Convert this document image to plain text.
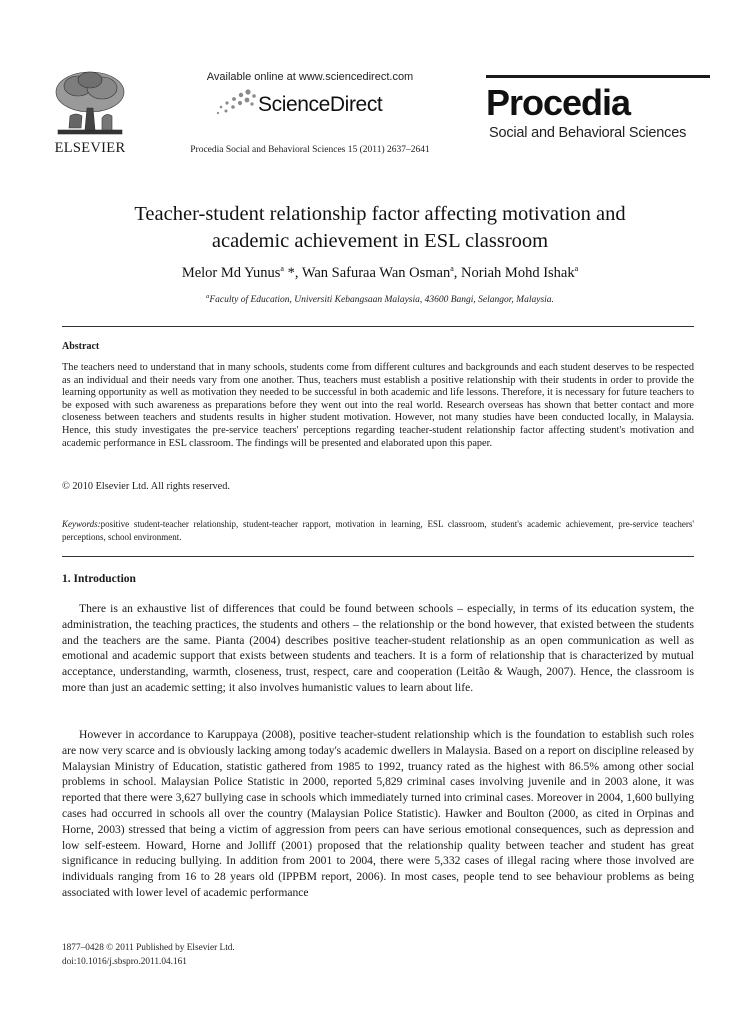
ELSEVIER
Available online at www.sciencedirect.com
ScienceDirect
Procedia Social and Behavioral Sciences 15 (2011) 2637–2641
Procedia
Social and Behavioral Sciences
Teacher-student relationship factor affecting motivation and
academic achievement in ESL classroom
Melor Md Yunus$^a$ *, Wan Safuraa Wan Osman$^a$, Noriah Mohd Ishak$^a$
$^a$Faculty of Education, Universiti Kebangsaan Malaysia, 43600 Bangi, Selangor, Malaysia.
Abstract
The teachers need to understand that in many schools, students come from different cultures and backgrounds and each student deserves to be respected as an individual and their needs vary from one another. Thus, teachers must establish a positive relationship with their students in order to provide the learning opportunity as well as motivation they needed to be successful in both academic and life lessons. Therefore, it is necessary for future teachers to be exposed with such awareness as preparations before they went out into the real world. Research overseas has shown that better contact and more closeness between teachers and students results in higher student motivation. However, not many studies have been conducted locally, in Malaysia. Hence, this study investigates the pre-service teachers' perceptions regarding teacher-student relationship factor affecting student's motivation and academic performance in ESL classroom. The findings will be presented and elaborated upon this paper.
© 2010 Elsevier Ltd. All rights reserved.
Keywords:positive student-teacher relationship, student-teacher rapport, motivation in learning, ESL classroom, student's academic achievement, pre-service teachers' perceptions, school environment.
1. Introduction
There is an exhaustive list of differences that could be found between schools – especially, in terms of its education system, the administration, the teaching practices, the students and others – the relationship or the bond however, that existed between the students and the teachers are the same. Pianta (2004) describes positive teacher-student relationship as an open communication as well as emotional and academic support that exists between students and teachers. It is a form of relationship that is characterized by mutual acceptance, understanding, warmth, closeness, trust, respect, care and cooperation (Leitão & Waugh, 2007). Hence, the classroom is more than just an academic setting; it also involves humanistic values to learn about life.
However in accordance to Karuppaya (2008), positive teacher-student relationship which is the foundation to establish such roles are now very scarce and is obviously lacking among today's academic dwellers in Malaysia. Based on a report on discipline released by Malaysian Ministry of Education, statistic gathered from 1985 to 1992, truancy rated as the highest with 86.5% among other social problems in school. Malaysian Police Statistic in 2000, reported 5,829 criminal cases involving juvenile and in 2003 alone, it was reported that there were 3,627 bullying case in schools which immediately turned into criminal cases. Moreover in 2004, 1,600 bullying cases had occurred in schools all over the country (Malaysian Police Statistic). Hawker and Boulton (2000, as cited in Orpinas and Horne, 2003) stressed that being a victim of aggression from peers can have serious emotional consequences, such as depression and low self-esteem. Howard, Horne and Jolliff (2001) proposed that the relationship quality between teacher and student has great significance in reducing bullying. In addition from 2001 to 2004, there were 5,332 cases of illegal racing where those involved are individuals ranging from 16 to 28 years old (IPPBM report, 2006). In most cases, people tend to see behaviour problems as being associated with lower level of academic performance
1877–0428 © 2011 Published by Elsevier Ltd.
doi:10.1016/j.sbspro.2011.04.161
